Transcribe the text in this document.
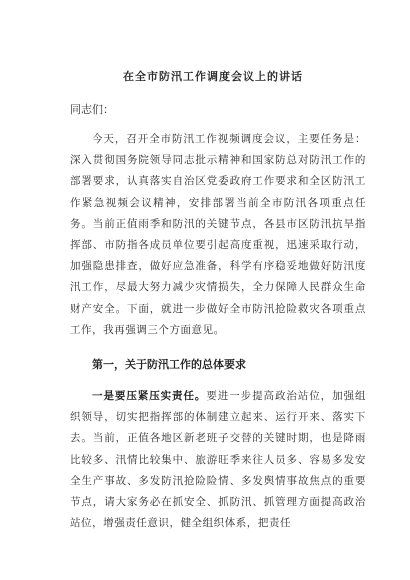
在全市防汛工作调度会议上的讲话
同志们：

今天，召开全市防汛工作视频调度会议，主要任务是：深入贯彻国务院领导同志批示精神和国家防总对防汛工作的部署要求，认真落实自治区党委政府工作要求和全区防汛工作紧急视频会议精神，安排部署当前全市防汛各项重点任务。当前正值雨季和防汛的关键节点，各县市区防汛抗旱指挥部、市防指各成员单位要引起高度重视，迅速采取行动，加强隐患排查，做好应急准备，科学有序稳妥地做好防汛度汛工作，尽最大努力减少灾情损失，全力保障人民群众生命财产安全。下面，就进一步做好全市防汛抢险救灾各项重点工作，我再强调三个方面意见。

第一，关于防汛工作的总体要求

一是要压紧压实责任。要进一步提高政治站位，加强组织领导，切实把指挥部的体制建立起来、运行开来、落实下去。当前，正值各地区新老班子交替的关键时期，也是降雨比较多、汛情比较集中、旅游旺季来往人员多、容易多发安全生产事故、多发防汛抢险险情、多发舆情事故焦点的重要节点，请大家务必在抓安全、抓防汛、抓管理方面提高政治站位，增强责任意识，健全组织体系，把责任
